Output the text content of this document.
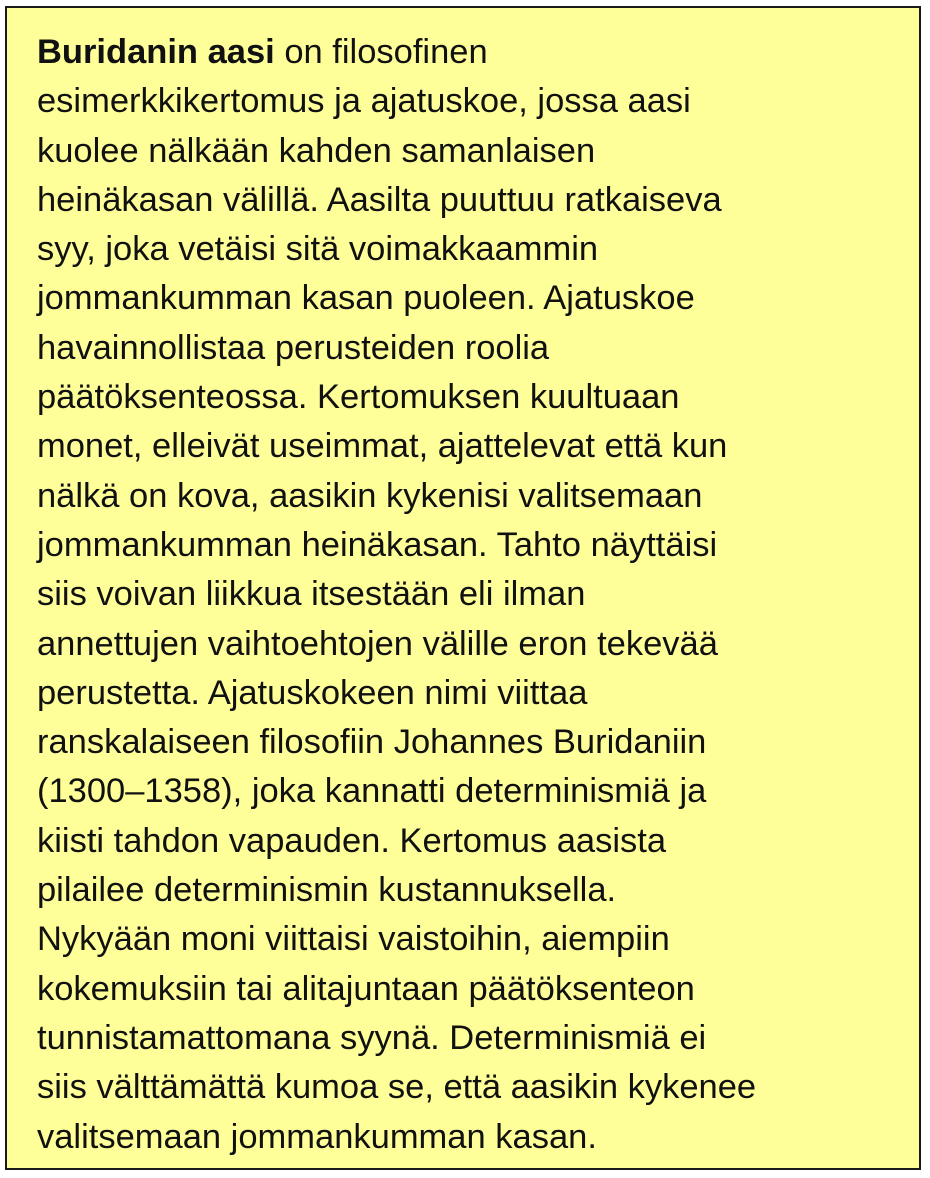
Buridanin aasi on filosofinen
esimerkkikertomus ja ajatuskoe, jossa aasi
kuolee nälkään kahden samanlaisen
heinäkasan välillä. Aasilta puuttuu ratkaiseva
syy, joka vetäisi sitä voimakkaammin
jommankumman kasan puoleen. Ajatuskoe
havainnollistaa perusteiden roolia
päätöksenteossa. Kertomuksen kuultuaan
monet, elleivät useimmat, ajattelevat että kun
nälkä on kova, aasikin kykenisi valitsemaan
jommankumman heinäkasan. Tahto näyttäisi
siis voivan liikkua itsestään eli ilman
annettujen vaihtoehtojen välille eron tekevää
perustetta. Ajatuskokeen nimi viittaa
ranskalaiseen filosofiin Johannes Buridaniin
(1300–1358), joka kannatti determinismiä ja
kiisti tahdon vapauden. Kertomus aasista
pilailee determinismin kustannuksella.
Nykyään moni viittaisi vaistoihin, aiempiin
kokemuksiin tai alitajuntaan päätöksenteon
tunnistamattomana syynä. Determinismiä ei
siis välttämättä kumoa se, että aasikin kykenee
valitsemaan jommankumman kasan.
